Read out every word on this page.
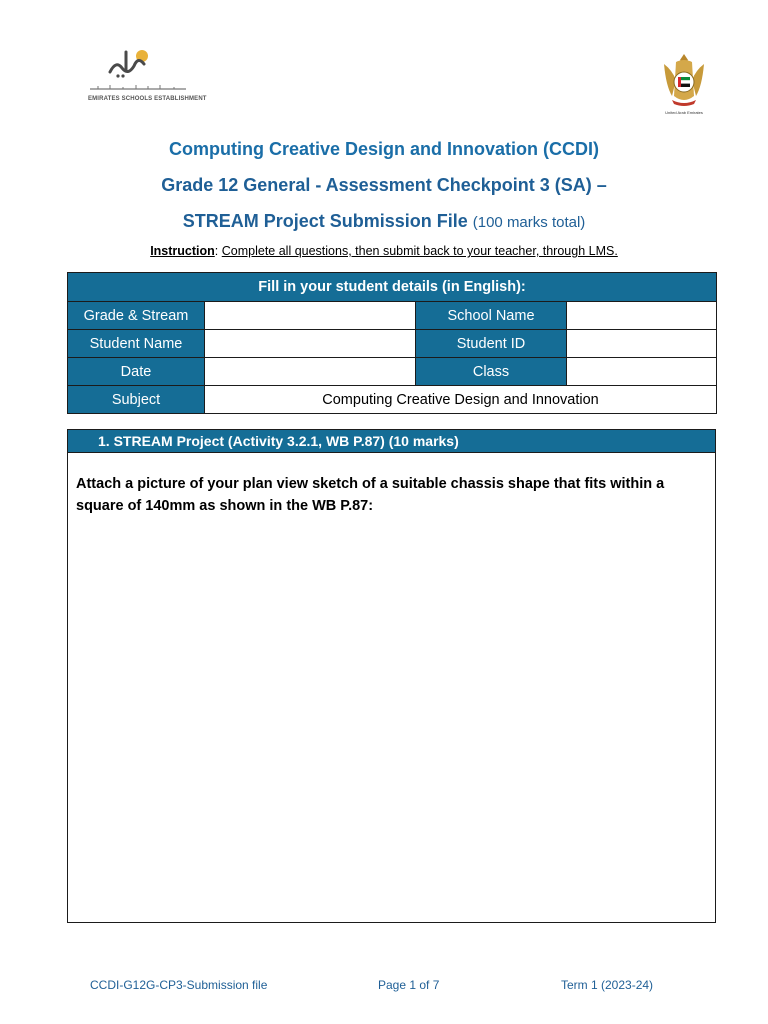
EMIRATES SCHOOLS ESTABLISHMENT
United Arab Emirates
Computing Creative Design and Innovation (CCDI)
Grade 12 General - Assessment Checkpoint 3 (SA) –
STREAM Project Submission File (100 marks total)
Instruction: Complete all questions, then submit back to your teacher, through LMS.
Fill in your student details (in English):			
Grade & Stream		School Name	
Student Name		Student ID	
Date		Class	
Subject	Computing Creative Design and Innovation		
1. STREAM Project (Activity 3.2.1, WB P.87) (10 marks)
Attach a picture of your plan view sketch of a suitable chassis shape that fits within a square of 140mm as shown in the WB P.87:
CCDI-G12G-CP3-Submission file	Page 1 of 7	Term 1 (2023-24)
